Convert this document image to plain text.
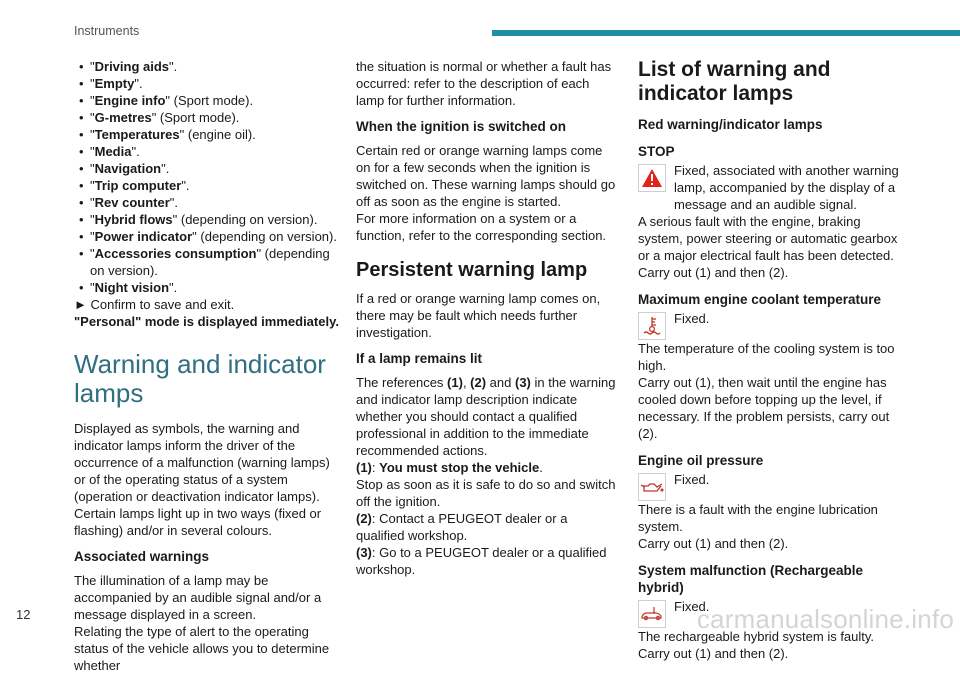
Instruments
• "Driving aids".
• "Empty".
• "Engine info" (Sport mode).
• "G-metres" (Sport mode).
• "Temperatures" (engine oil).
• "Media".
• "Navigation".
• "Trip computer".
• "Rev counter".
• "Hybrid flows" (depending on version).
• "Power indicator" (depending on version).
• "Accessories consumption" (depending on version).
• "Night vision".

► Confirm to save and exit.

"Personal" mode is displayed immediately.

Warning and indicator lamps

Displayed as symbols, the warning and indicator lamps inform the driver of the occurrence of a malfunction (warning lamps) or of the operating status of a system (operation or deactivation indicator lamps). Certain lamps light up in two ways (fixed or flashing) and/or in several colours.

Associated warnings

The illumination of a lamp may be accompanied by an audible signal and/or a message displayed in a screen.

Relating the type of alert to the operating status of the vehicle allows you to determine whether

the situation is normal or whether a fault has occurred: refer to the description of each lamp for further information.

When the ignition is switched on

Certain red or orange warning lamps come on for a few seconds when the ignition is switched on. These warning lamps should go off as soon as the engine is started.

For more information on a system or a function, refer to the corresponding section.

Persistent warning lamp

If a red or orange warning lamp comes on, there may be fault which needs further investigation.

If a lamp remains lit

The references (1), (2) and (3) in the warning and indicator lamp description indicate whether you should contact a qualified professional in addition to the immediate recommended actions.

(1): You must stop the vehicle.

Stop as soon as it is safe to do so and switch off the ignition.

(2): Contact a PEUGEOT dealer or a qualified workshop.

(3): Go to a PEUGEOT dealer or a qualified workshop.

List of warning and indicator lamps
Red warning/indicator lamps
STOP

Fixed, associated with another warning lamp, accompanied by the display of a message and an audible signal.

A serious fault with the engine, braking system, power steering or automatic gearbox or a major electrical fault has been detected.

Carry out (1) and then (2).

Maximum engine coolant temperature

Fixed.

The temperature of the cooling system is too high.

Carry out (1), then wait until the engine has cooled down before topping up the level, if necessary. If the problem persists, carry out (2).

Engine oil pressure

Fixed.

There is a fault with the engine lubrication system.

Carry out (1) and then (2).

System malfunction (Rechargeable hybrid)

Fixed.

The rechargeable hybrid system is faulty.

Carry out (1) and then (2).

12	carmanualsonline.info
